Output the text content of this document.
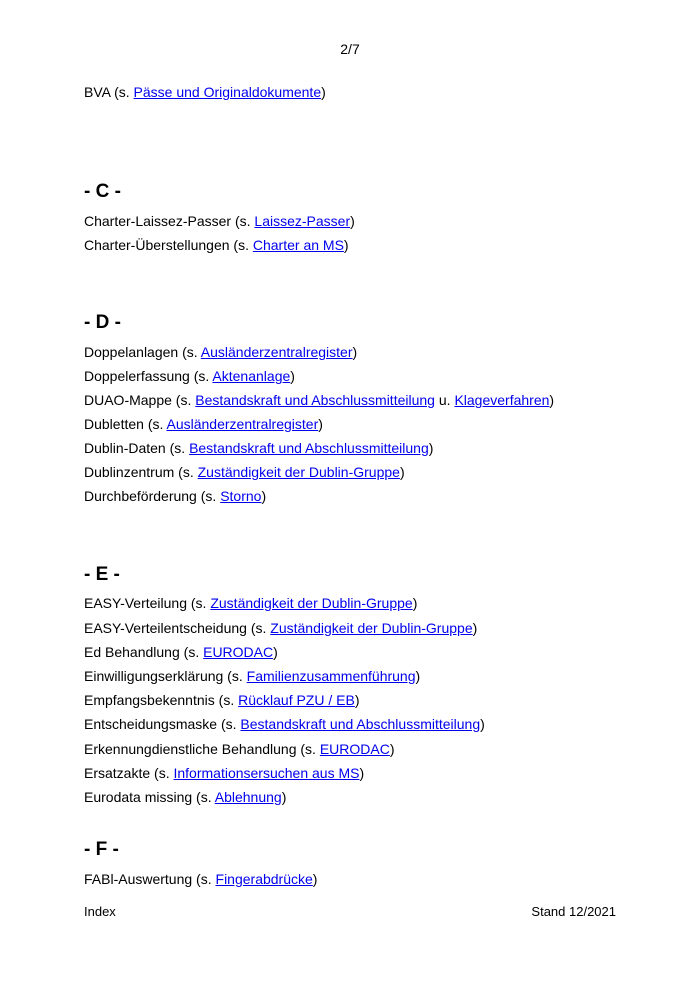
2/7
BVA (s. Pässe und Originaldokumente)
- C -
Charter-Laissez-Passer (s. Laissez-Passer)
Charter-Überstellungen (s. Charter an MS)
- D -
Doppelanlagen (s. Ausländerzentralregister)
Doppelerfassung (s. Aktenanlage)
DUAO-Mappe (s. Bestandskraft und Abschlussmitteilung u. Klageverfahren)
Dubletten (s. Ausländerzentralregister)
Dublin-Daten (s. Bestandskraft und Abschlussmitteilung)
Dublinzentrum (s. Zuständigkeit der Dublin-Gruppe)
Durchbeförderung (s. Storno)
- E -
EASY-Verteilung (s. Zuständigkeit der Dublin-Gruppe)
EASY-Verteilentscheidung (s. Zuständigkeit der Dublin-Gruppe)
Ed Behandlung (s. EURODAC)
Einwilligungserklärung (s. Familienzusammenführung)
Empfangsbekenntnis (s. Rücklauf PZU / EB)
Entscheidungsmaske (s. Bestandskraft und Abschlussmitteilung)
Erkennungdienstliche Behandlung (s. EURODAC)
Ersatzakte (s. Informationsersuchen aus MS)
Eurodata missing (s. Ablehnung)
- F -
FABl-Auswertung (s. Fingerabdrücke)
Index	Stand 12/2021
